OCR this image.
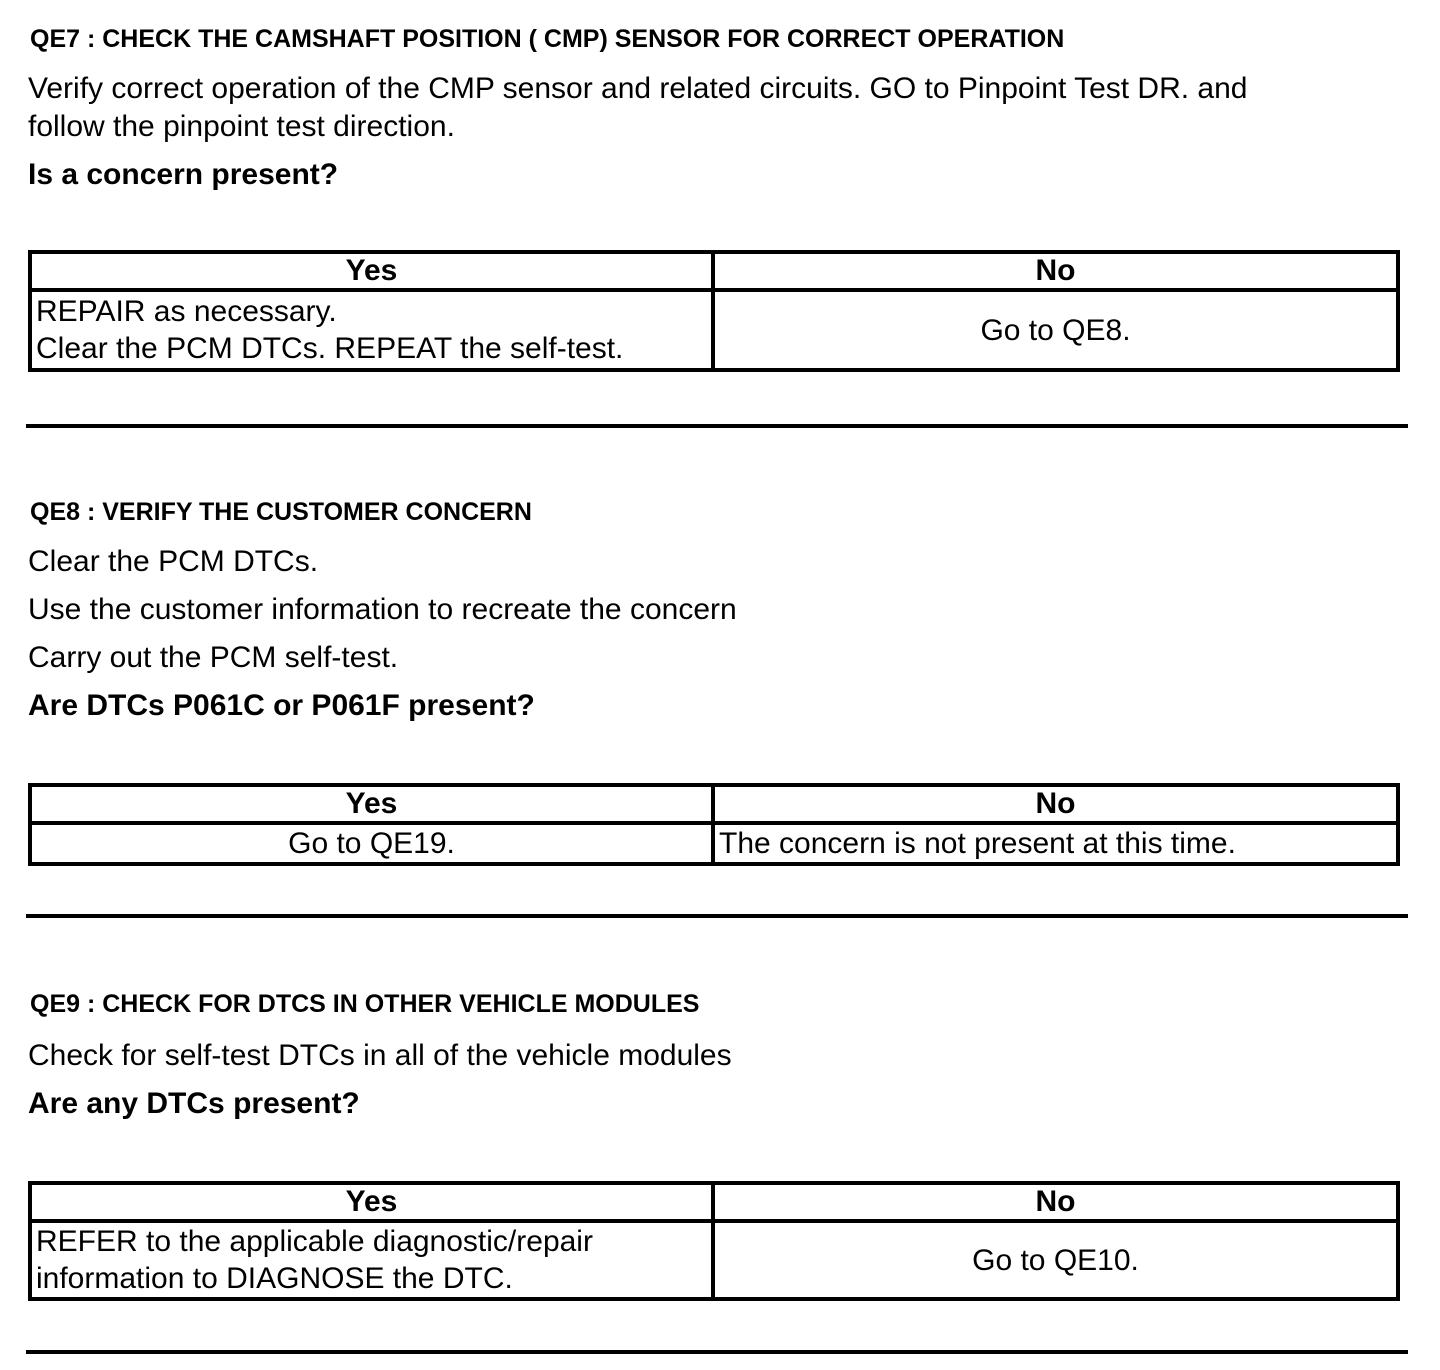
QE7 : CHECK THE CAMSHAFT POSITION ( CMP) SENSOR FOR CORRECT OPERATION
Verify correct operation of the CMP sensor and related circuits. GO to Pinpoint Test DR. and
follow the pinpoint test direction.
Is a concern present?
Yes	No
REPAIR as necessary.
Clear the PCM DTCs. REPEAT the self-test.	Go to QE8.
QE8 : VERIFY THE CUSTOMER CONCERN
Clear the PCM DTCs.
Use the customer information to recreate the concern
Carry out the PCM self-test.
Are DTCs P061C or P061F present?
Yes	No
Go to QE19.	The concern is not present at this time.
QE9 : CHECK FOR DTCS IN OTHER VEHICLE MODULES
Check for self-test DTCs in all of the vehicle modules
Are any DTCs present?
Yes	No
REFER to the applicable diagnostic/repair
information to DIAGNOSE the DTC.	Go to QE10.
